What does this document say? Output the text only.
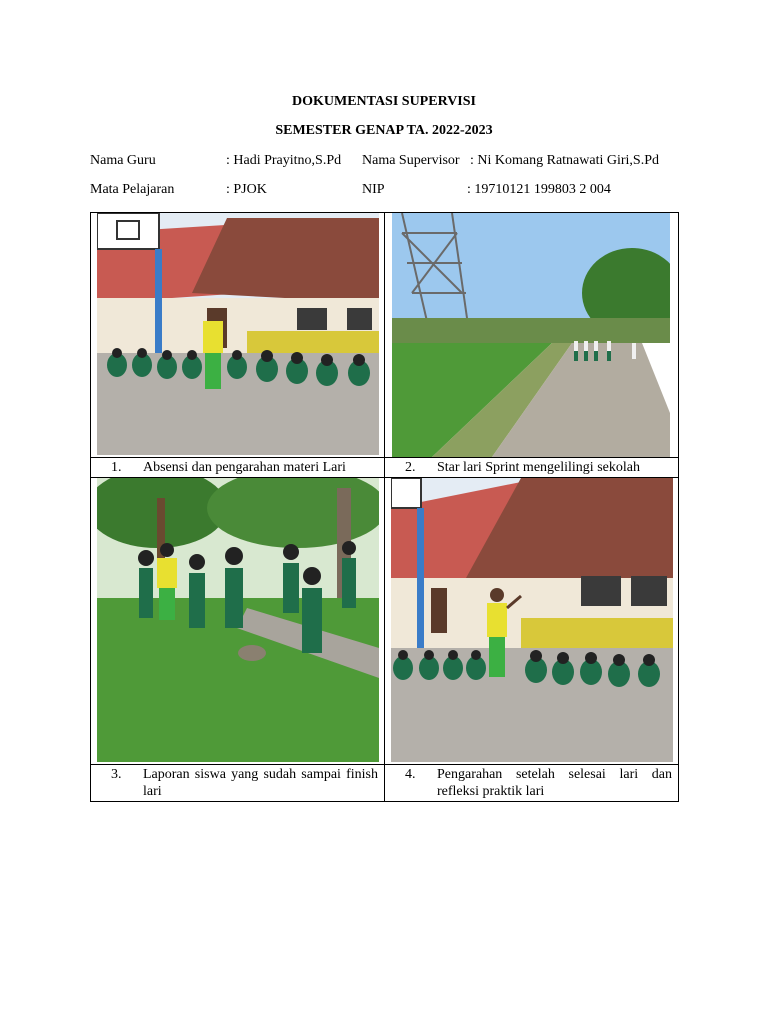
DOKUMENTASI SUPERVISI
SEMESTER GENAP TA. 2022-2023
Nama Guru	: Hadi Prayitno,S.Pd Nama Supervisor : Ni Komang Ratnawati Giri,S.Pd
Mata Pelajaran	: PJOK	NIP	: 19710121 199803 2 004

1. Absensi dan pengarahan materi Lari	2. Star lari Sprint mengelilingi sekolah

3. Laporan siswa yang sudah sampai finish lari	4. Pengarahan setelah selesai lari dan refleksi praktik lari
